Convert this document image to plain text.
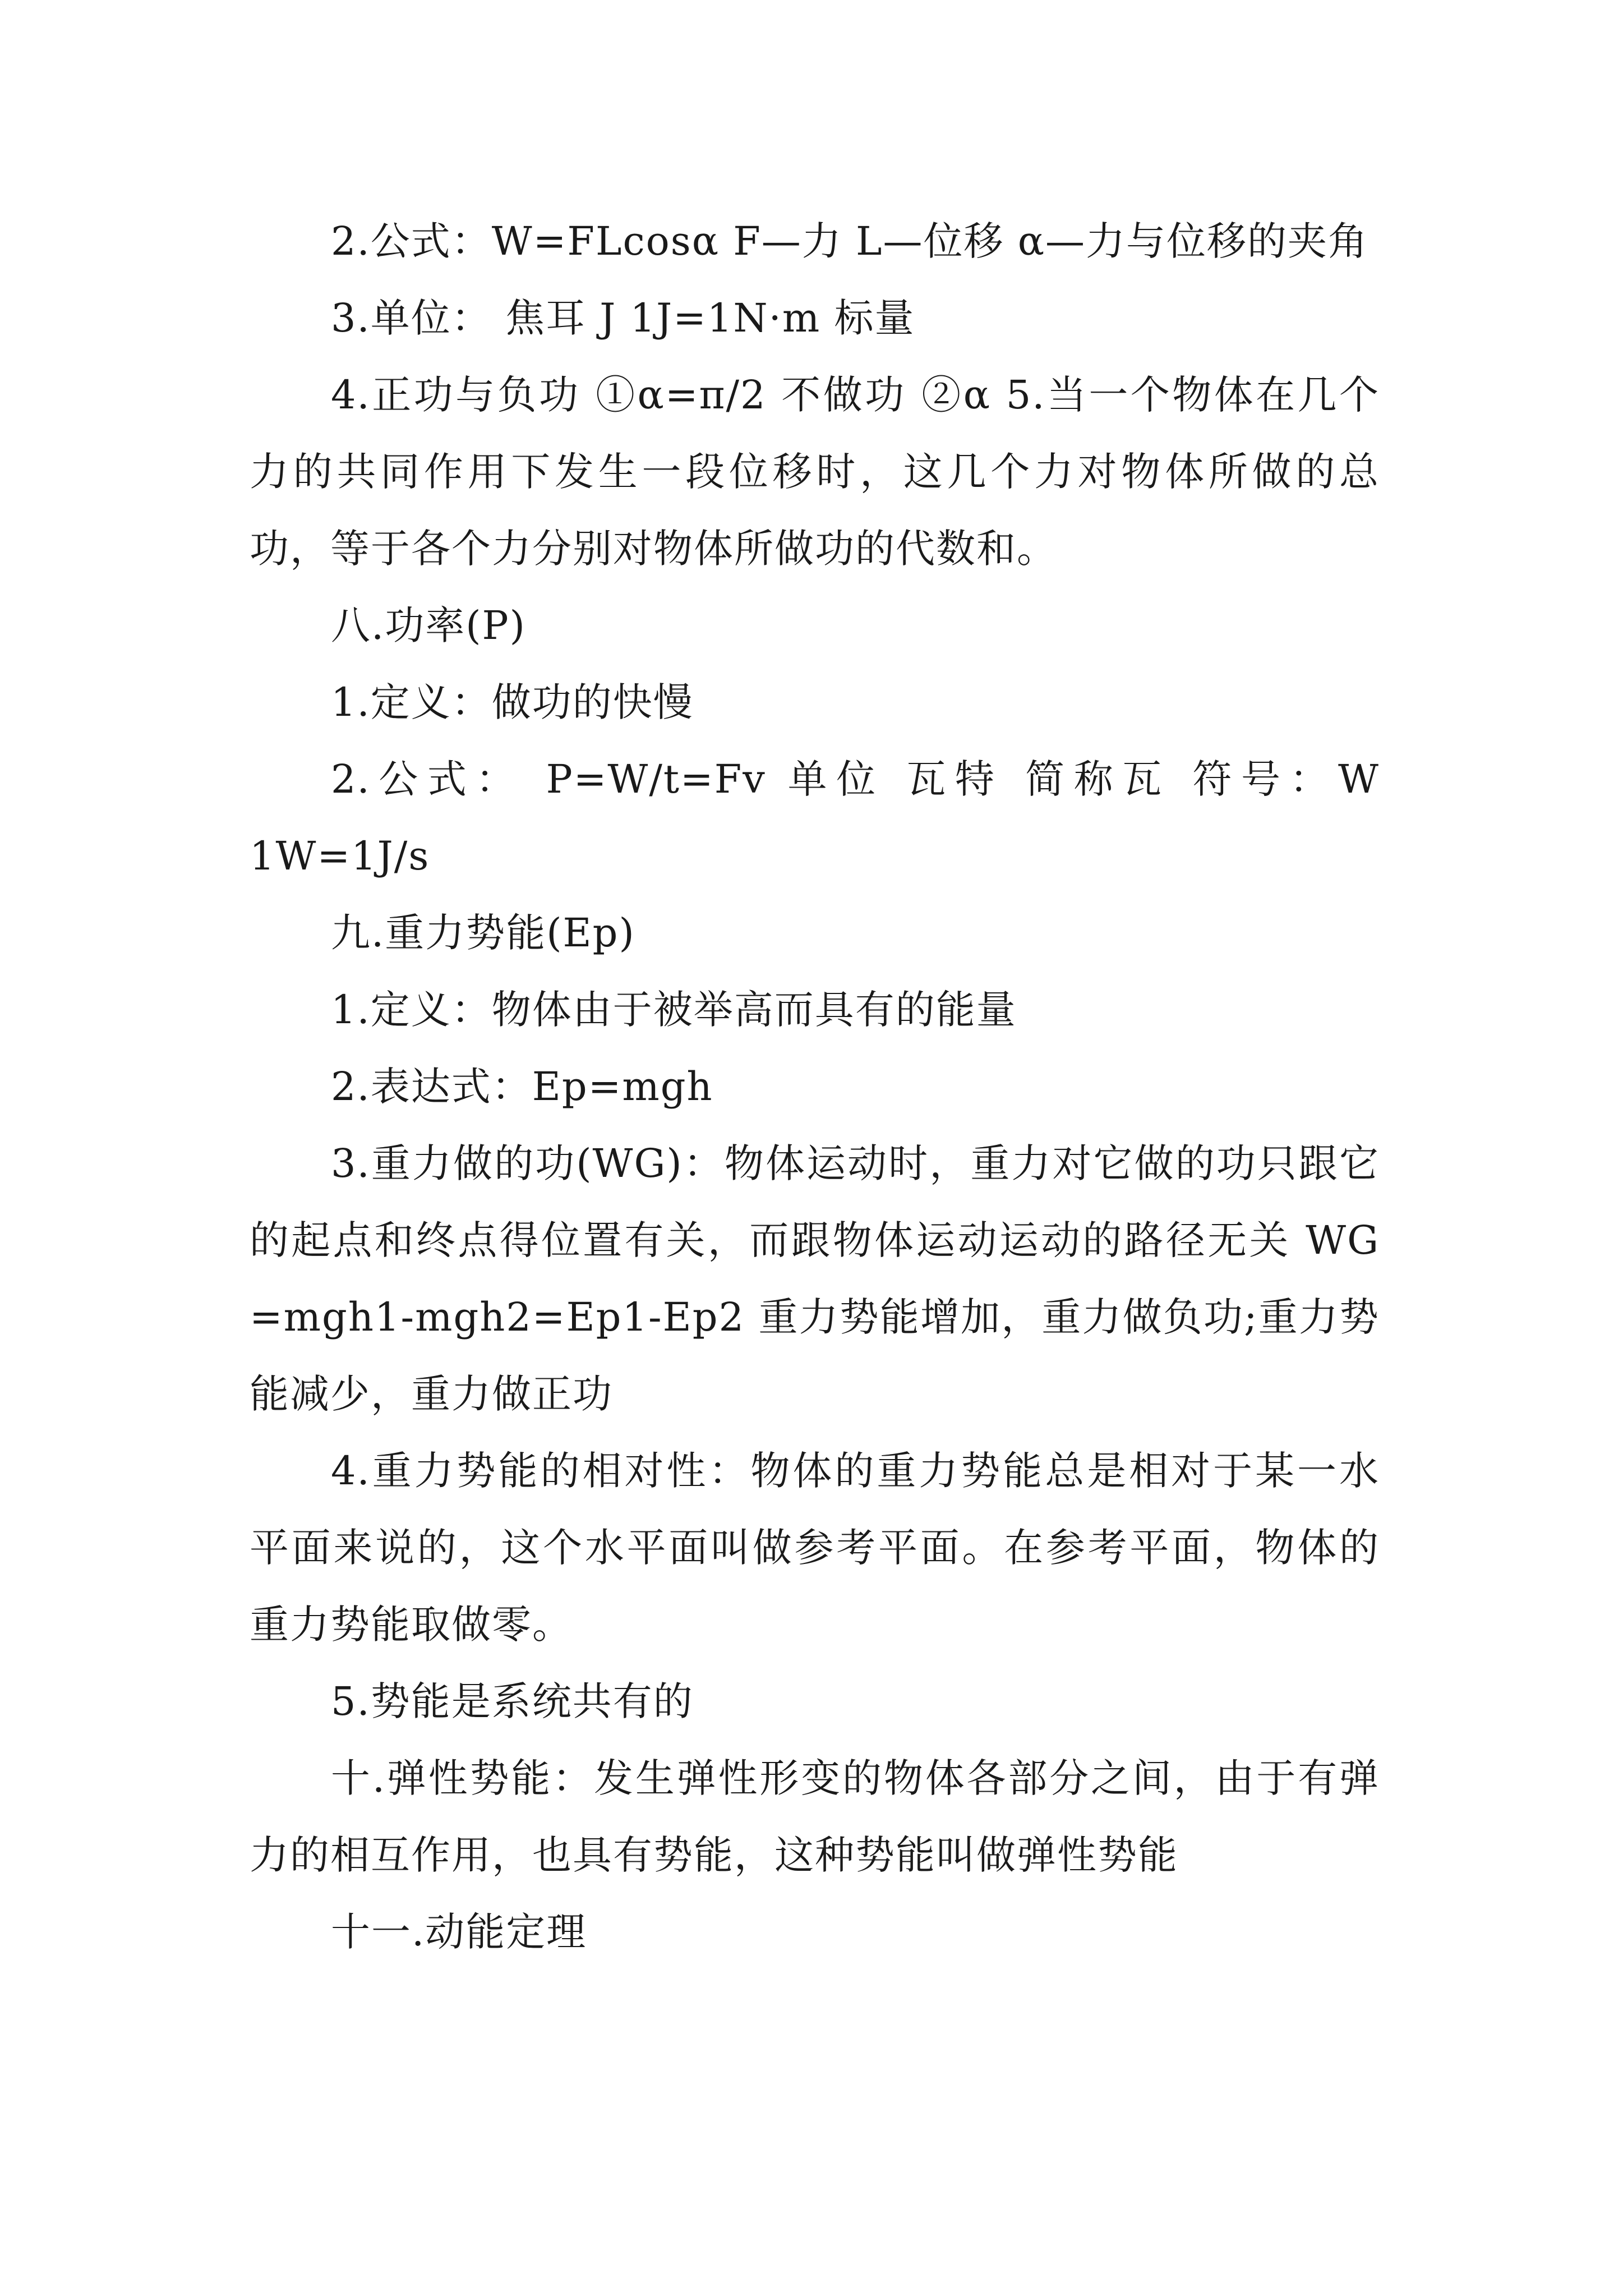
2.公式：W=FLcosα F—力 L—位移 α—力与位移的夹角

3.单位： 焦耳 J 1J=1N·m 标量

4.正功与负功 ①α=π/2 不做功 ②α 5.当一个物体在几个力的共同作用下发生一段位移时，这几个力对物体所做的总功，等于各个力分别对物体所做功的代数和。

八.功率(P)

1.定义：做功的快慢

2.公式： P=W/t=Fv 单位 瓦特 简称瓦 符号：W 1W=1J/s

九.重力势能(Ep)

1.定义：物体由于被举高而具有的能量

2.表达式：Ep=mgh

3.重力做的功(WG)：物体运动时，重力对它做的功只跟它的起点和终点得位置有关，而跟物体运动运动的路径无关 WG =mgh1-mgh2=Ep1-Ep2 重力势能增加，重力做负功;重力势能减少，重力做正功

4.重力势能的相对性：物体的重力势能总是相对于某一水平面来说的，这个水平面叫做参考平面。在参考平面，物体的重力势能取做零。

5.势能是系统共有的

十.弹性势能：发生弹性形变的物体各部分之间，由于有弹力的相互作用，也具有势能，这种势能叫做弹性势能

十一.动能定理
